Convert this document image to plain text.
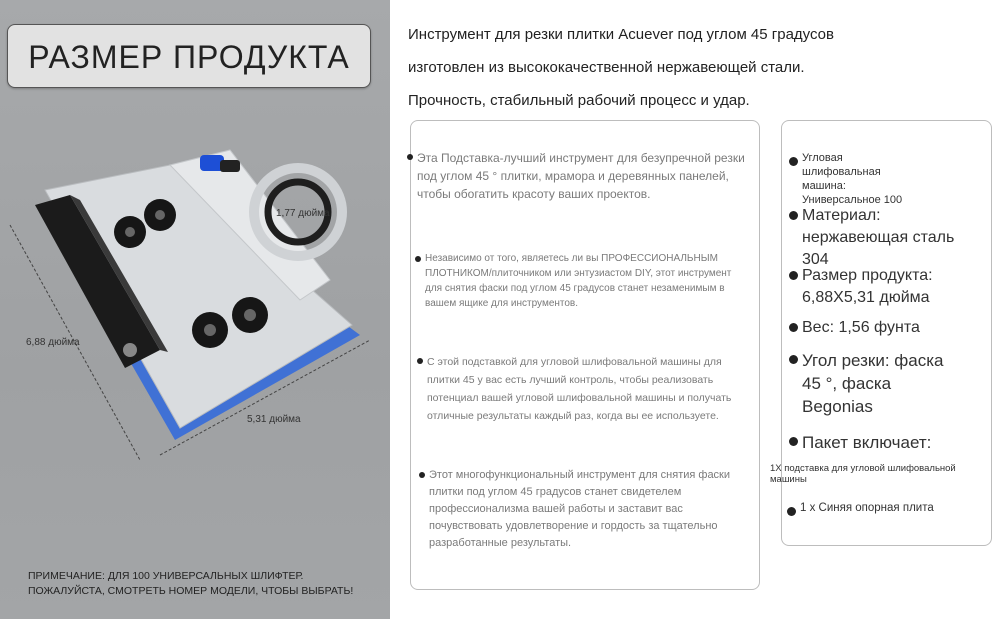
РАЗМЕР ПРОДУКТА
1,77 дюйма
6,88 дюйма
5,31 дюйма
ПРИМЕЧАНИЕ: ДЛЯ 100 УНИВЕРСАЛЬНЫХ ШЛИФТЕР. ПОЖАЛУЙСТА, СМОТРЕТЬ НОМЕР МОДЕЛИ, ЧТОБЫ ВЫБРАТЬ!
Инструмент для резки плитки Acuever под углом 45 градусов изготовлен из высококачественной нержавеющей стали. Прочность, стабильный рабочий процесс и удар.
Эта Подставка-лучший инструмент для безупречной резки под углом 45 ° плитки, мрамора и деревянных панелей, чтобы обогатить красоту ваших проектов.
Независимо от того, являетесь ли вы ПРОФЕССИОНАЛЬНЫМ ПЛОТНИКОМ/плиточником или энтузиастом DIY, этот инструмент для снятия фаски под углом 45 градусов станет незаменимым в вашем ящике для инструментов.
С этой подставкой для угловой шлифовальной машины для плитки 45 у вас есть лучший контроль, чтобы реализовать потенциал вашей угловой шлифовальной машины и получать отличные результаты каждый раз, когда вы ее используете.
Этот многофункциональный инструмент для снятия фаски плитки под углом 45 градусов станет свидетелем профессионализма вашей работы и заставит вас почувствовать удовлетворение и гордость за тщательно разработанные результаты.
Угловая шлифовальная машина: Универсальное 100
Материал: нержавеющая сталь 304
Размер продукта: 6,88X5,31 дюйма
Вес: 1,56 фунта
Угол резки: фаска 45 °, фаска Begonias
Пакет включает:
1X подставка для угловой шлифовальной машины
1 х Синяя опорная плита
